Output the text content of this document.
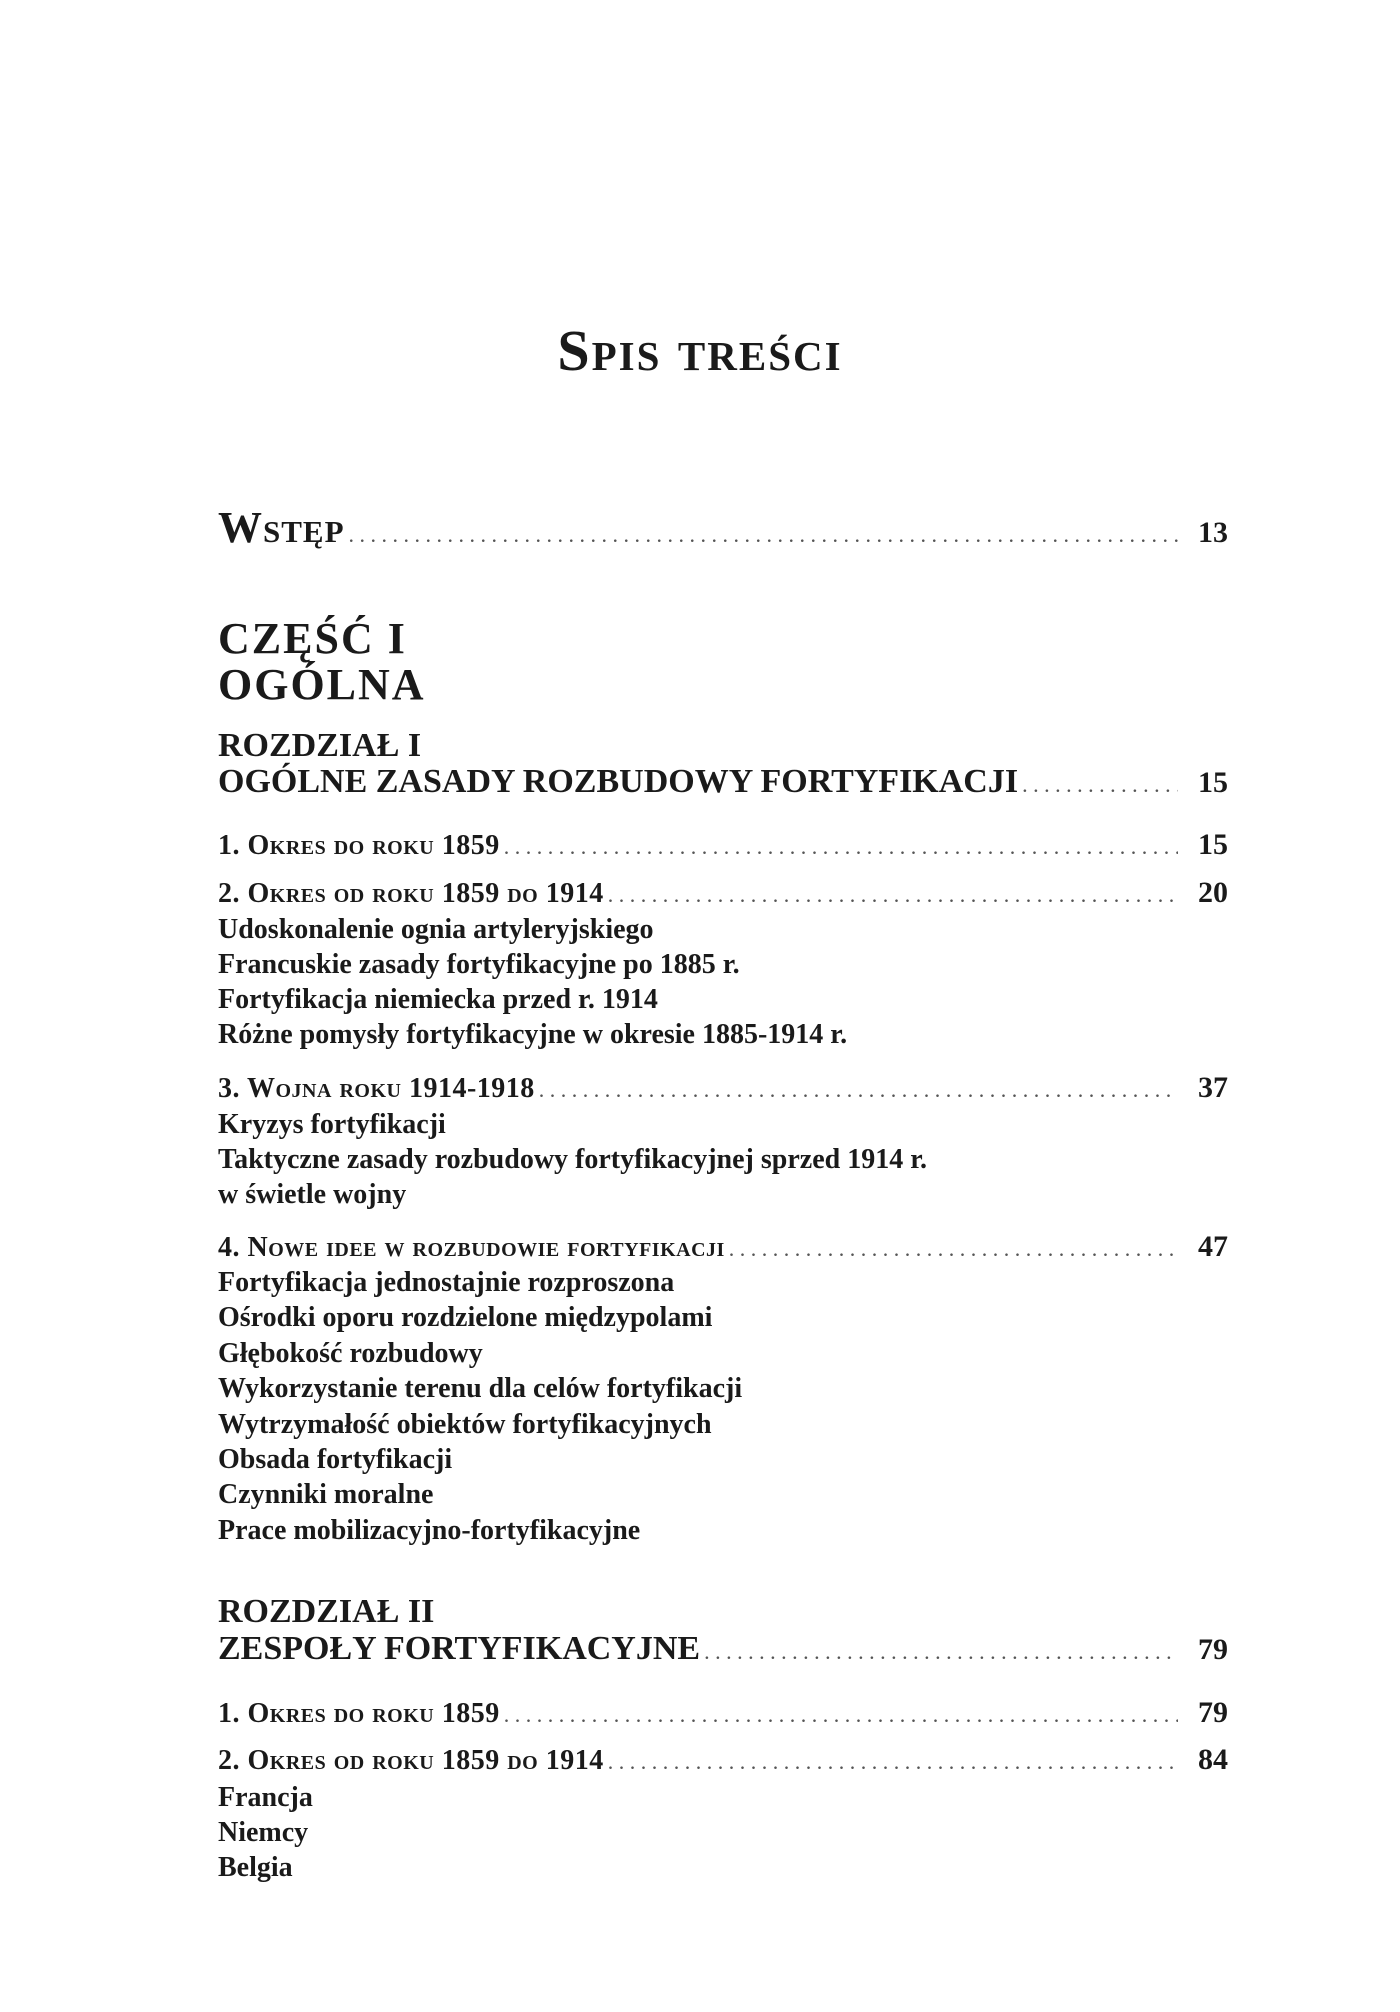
Spis treści
Wstęp . . .	13
CZĘŚĆ I
OGÓLNA
ROZDZIAŁ I
OGÓLNE ZASADY ROZBUDOWY FORTYFIKACJI . . .	15
1. Okres do roku 1859 . . .	15
2. Okres od roku 1859 do 1914 . . .	20
Udoskonalenie ognia artyleryjskiego
Francuskie zasady fortyfikacyjne po 1885 r.
Fortyfikacja niemiecka przed r. 1914
Różne pomysły fortyfikacyjne w okresie 1885-1914 r.
3. Wojna roku 1914-1918 . . .	37
Kryzys fortyfikacji
Taktyczne zasady rozbudowy fortyfikacyjnej sprzed 1914 r.
w świetle wojny
4. Nowe idee w rozbudowie fortyfikacji . . .	47
Fortyfikacja jednostajnie rozproszona
Ośrodki oporu rozdzielone międzypolami
Głębokość rozbudowy
Wykorzystanie terenu dla celów fortyfikacji
Wytrzymałość obiektów fortyfikacyjnych
Obsada fortyfikacji
Czynniki moralne
Prace mobilizacyjno-fortyfikacyjne
ROZDZIAŁ II
ZESPOŁY FORTYFIKACYJNE . . .	79
1. Okres do roku 1859 . . .	79
2. Okres od roku 1859 do 1914 . . .	84
Francja
Niemcy
Belgia
